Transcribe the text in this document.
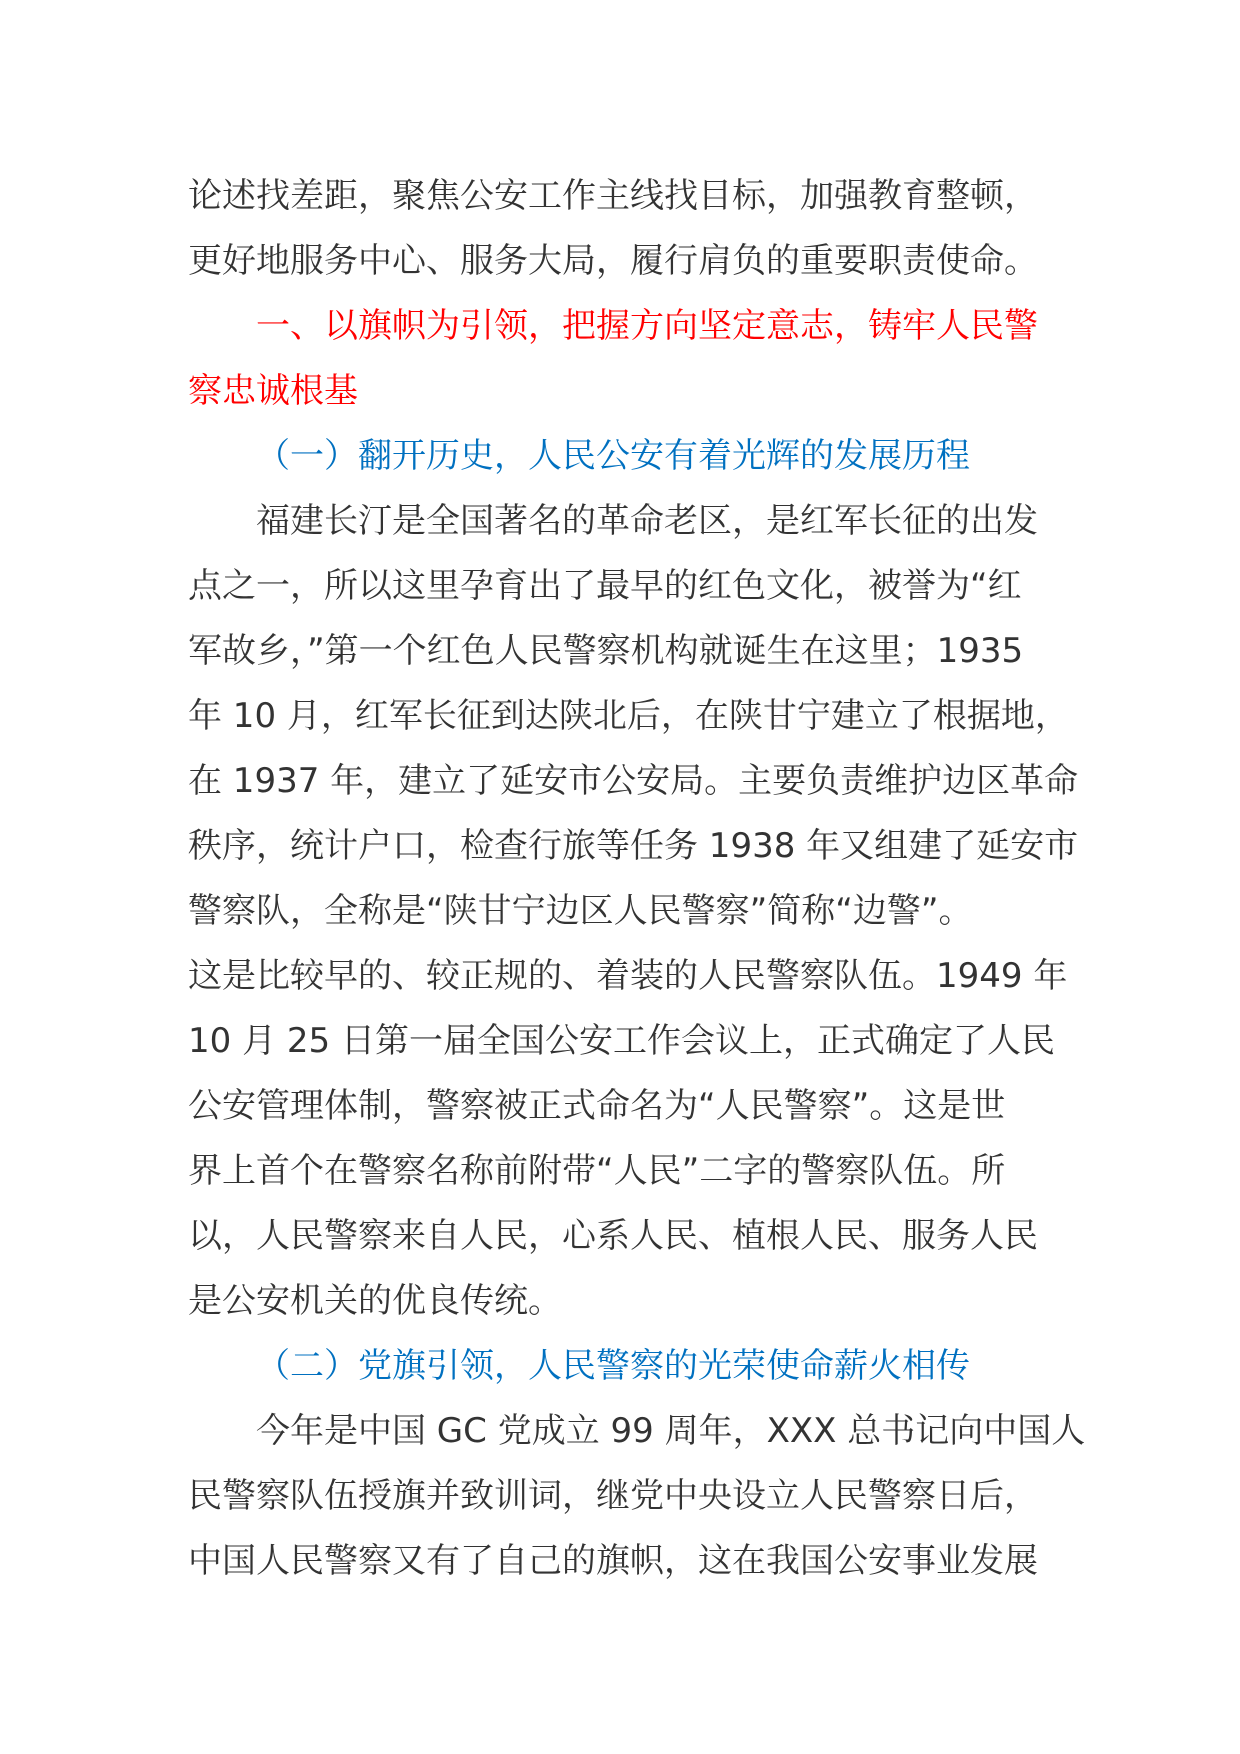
论述找差距，聚焦公安工作主线找目标，加强教育整顿，

更好地服务中心、服务大局，履行肩负的重要职责使命。

一、以旗帜为引领，把握方向坚定意志，铸牢人民警

察忠诚根基

（一）翻开历史，人民公安有着光辉的发展历程

福建长汀是全国著名的革命老区，是红军长征的出发

点之一，所以这里孕育出了最早的红色文化，被誉为“红

军故乡，”第一个红色人民警察机构就诞生在这里；1935

年 10 月，红军长征到达陕北后，在陕甘宁建立了根据地，

在 1937 年，建立了延安市公安局。主要负责维护边区革命

秩序，统计户口，检查行旅等任务 1938 年又组建了延安市

警察队，全称是“陕甘宁边区人民警察”简称“边警”。

这是比较早的、较正规的、着装的人民警察队伍。1949 年

10 月 25 日第一届全国公安工作会议上，正式确定了人民

公安管理体制，警察被正式命名为“人民警察”。这是世

界上首个在警察名称前附带“人民”二字的警察队伍。所

以，人民警察来自人民，心系人民、植根人民、服务人民

是公安机关的优良传统。

（二）党旗引领，人民警察的光荣使命薪火相传

今年是中国 GC 党成立 99 周年，XXX 总书记向中国人

民警察队伍授旗并致训词，继党中央设立人民警察日后，

中国人民警察又有了自己的旗帜，这在我国公安事业发展
